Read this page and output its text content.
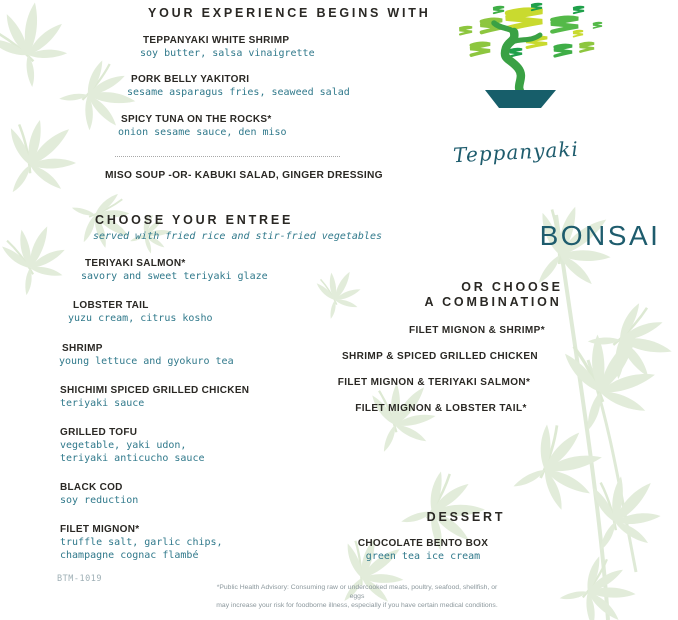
YOUR EXPERIENCE BEGINS WITH
TEPPANYAKI WHITE SHRIMP
soy butter, salsa vinaigrette
PORK BELLY YAKITORI
sesame asparagus fries, seaweed salad
SPICY TUNA ON THE ROCKS*
onion sesame sauce, den miso
MISO SOUP -OR- KABUKI SALAD, GINGER DRESSING
BONSAI
Teppanyaki
CHOOSE YOUR ENTREE
served with fried rice and stir-fried vegetables
TERIYAKI SALMON*
savory and sweet teriyaki glaze
LOBSTER TAIL
yuzu cream, citrus kosho
SHRIMP
young lettuce and gyokuro tea
SHICHIMI SPICED GRILLED CHICKEN
teriyaki sauce
GRILLED TOFU
vegetable, yaki udon,
teriyaki anticucho sauce
BLACK COD
soy reduction
FILET MIGNON*
truffle salt, garlic chips,
champagne cognac flambé
OR CHOOSE
A COMBINATION
FILET MIGNON & SHRIMP*
SHRIMP & SPICED GRILLED CHICKEN
FILET MIGNON & TERIYAKI SALMON*
FILET MIGNON & LOBSTER TAIL*
DESSERT
CHOCOLATE BENTO BOX
green tea ice cream
*Public Health Advisory: Consuming raw or undercooked meats, poultry, seafood, shellfish, or eggs
may increase your risk for foodborne illness, especially if you have certain medical conditions.
BTM-1019
